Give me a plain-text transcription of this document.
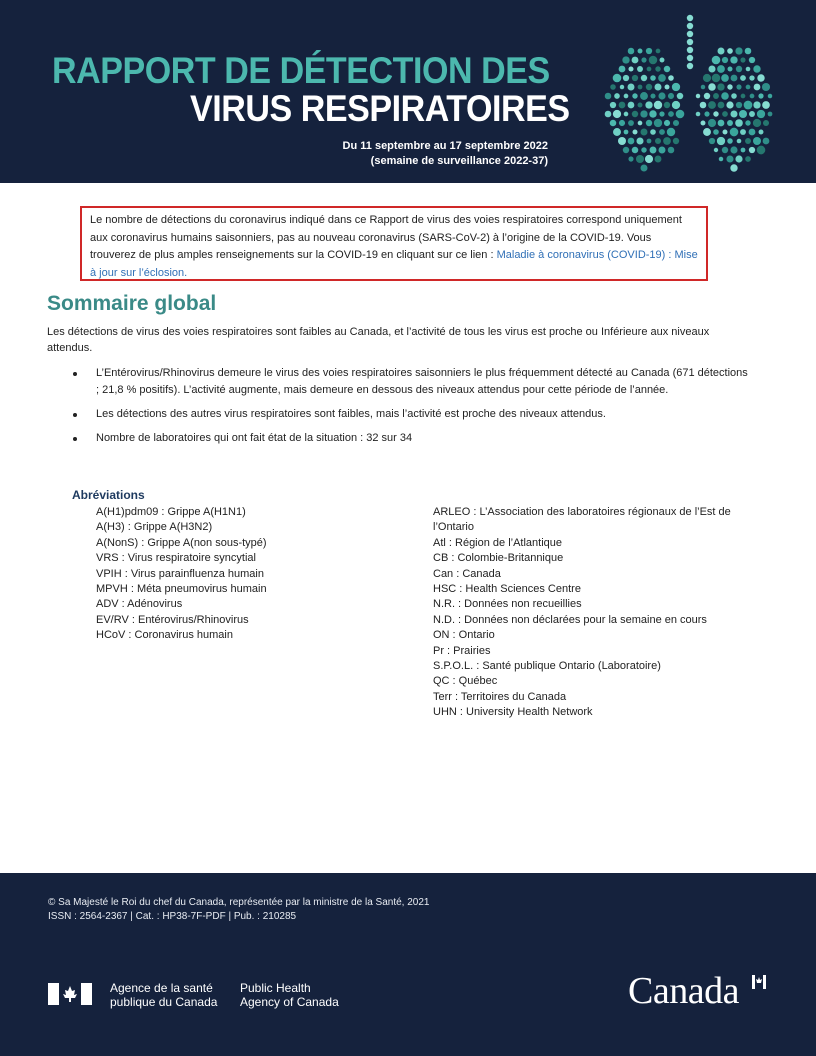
RAPPORT DE DÉTECTION DES
VIRUS RESPIRATOIRES
Du 11 septembre au 17 septembre 2022
(semaine de surveillance 2022-37)
Le nombre de détections du coronavirus indiqué dans ce Rapport de virus des voies respiratoires correspond uniquement aux coronavirus humains saisonniers, pas au nouveau coronavirus (SARS-CoV-2) à l’origine de la COVID-19. Vous trouverez de plus amples renseignements sur la COVID-19 en cliquant sur ce lien : Maladie à coronavirus (COVID-19) : Mise à jour sur l’éclosion.
Sommaire global
Les détections de virus des voies respiratoires sont faibles au Canada, et l’activité de tous les virus est proche ou Inférieure aux niveaux attendus.
L’Entérovirus/Rhinovirus demeure le virus des voies respiratoires saisonniers le plus fréquemment détecté au Canada (671 détections ; 21,8 % positifs). L’activité augmente, mais demeure en dessous des niveaux attendus pour cette période de l’année.
Les détections des autres virus respiratoires sont faibles, mais l’activité est proche des niveaux attendus.
Nombre de laboratoires qui ont fait état de la situation : 32 sur 34
Abréviations
A(H1)pdm09 : Grippe A(H1N1)
A(H3) : Grippe A(H3N2)
A(NonS) : Grippe A(non sous-typé)
VRS : Virus respiratoire syncytial
VPIH : Virus parainfluenza humain
MPVH : Méta pneumovirus humain
ADV : Adénovirus
EV/RV : Entérovirus/Rhinovirus
HCoV : Coronavirus humain
ARLEO : L’Association des laboratoires régionaux de l’Est de l’Ontario
Atl : Région de l’Atlantique
CB : Colombie-Britannique
Can : Canada
HSC : Health Sciences Centre
N.R. : Données non recueillies
N.D. : Données non déclarées pour la semaine en cours
ON : Ontario
Pr : Prairies
S.P.O.L. : Santé publique Ontario (Laboratoire)
QC : Québec
Terr : Territoires du Canada
UHN : University Health Network
© Sa Majesté le Roi du chef du Canada, représentée par la ministre de la Santé, 2021
ISSN : 2564-2367 | Cat. : HP38-7F-PDF | Pub. : 210285
Agence de la santé
publique du Canada
Public Health
Agency of Canada	Canada
